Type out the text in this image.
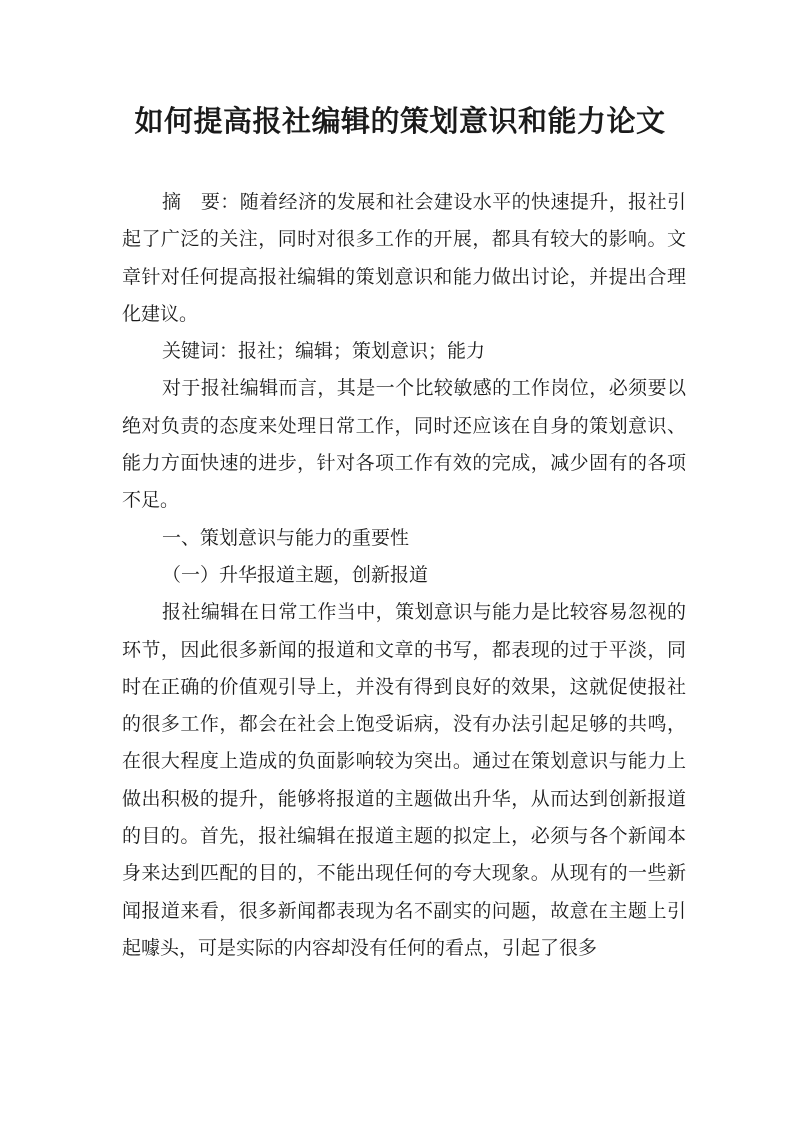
如何提高报社编辑的策划意识和能力论文

摘　要：随着经济的发展和社会建设水平的快速提升，报社引起了广泛的关注，同时对很多工作的开展，都具有较大的影响。文章针对任何提高报社编辑的策划意识和能力做出讨论，并提出合理化建议。

关键词：报社；编辑；策划意识；能力

对于报社编辑而言，其是一个比较敏感的工作岗位，必须要以绝对负责的态度来处理日常工作，同时还应该在自身的策划意识、能力方面快速的进步，针对各项工作有效的完成，减少固有的各项不足。

一、策划意识与能力的重要性

（一）升华报道主题，创新报道

报社编辑在日常工作当中，策划意识与能力是比较容易忽视的环节，因此很多新闻的报道和文章的书写，都表现的过于平淡，同时在正确的价值观引导上，并没有得到良好的效果，这就促使报社的很多工作，都会在社会上饱受诟病，没有办法引起足够的共鸣，在很大程度上造成的负面影响较为突出。通过在策划意识与能力上做出积极的提升，能够将报道的主题做出升华，从而达到创新报道的目的。首先，报社编辑在报道主题的拟定上，必须与各个新闻本身来达到匹配的目的，不能出现任何的夸大现象。从现有的一些新闻报道来看，很多新闻都表现为名不副实的问题，故意在主题上引起噱头，可是实际的内容却没有任何的看点，引起了很多
